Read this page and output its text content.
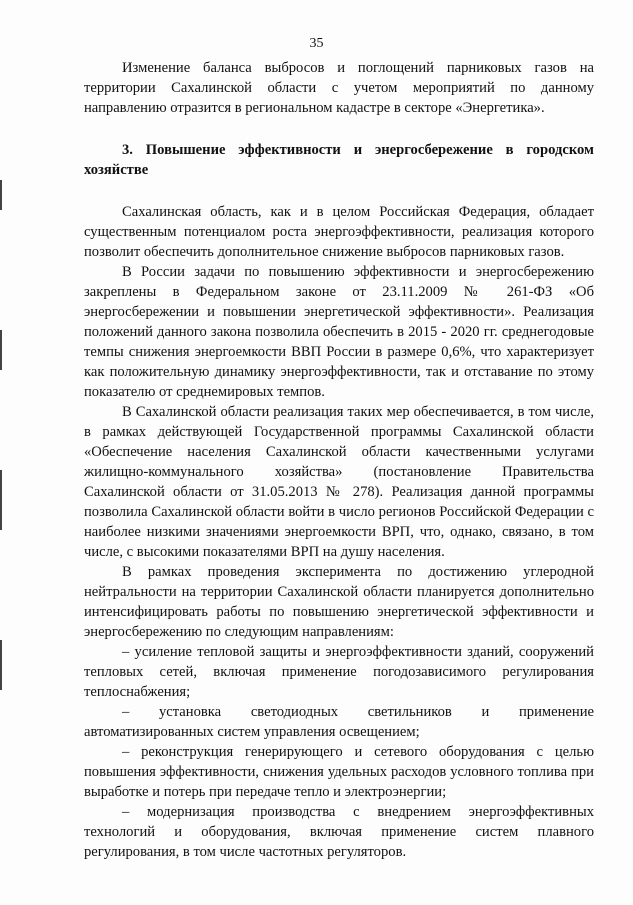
35

Изменение баланса выбросов и поглощений парниковых газов на территории Сахалинской области с учетом мероприятий по данному направлению отразится в региональном кадастре в секторе «Энергетика».

3. Повышение эффективности и энергосбережение в городском хозяйстве

Сахалинская область, как и в целом Российская Федерация, обладает существенным потенциалом роста энергоэффективности, реализация которого позволит обеспечить дополнительное снижение выбросов парниковых газов.

В России задачи по повышению эффективности и энергосбережению закреплены в Федеральном законе от 23.11.2009 № 261-ФЗ «Об энергосбережении и повышении энергетической эффективности». Реализация положений данного закона позволила обеспечить в 2015 - 2020 гг. среднегодовые темпы снижения энергоемкости ВВП России в размере 0,6%, что характеризует как положительную динамику энергоэффективности, так и отставание по этому показателю от среднемировых темпов.

В Сахалинской области реализация таких мер обеспечивается, в том числе, в рамках действующей Государственной программы Сахалинской области «Обеспечение населения Сахалинской области качественными услугами жилищно-коммунального хозяйства» (постановление Правительства Сахалинской области от 31.05.2013 № 278). Реализация данной программы позволила Сахалинской области войти в число регионов Российской Федерации с наиболее низкими значениями энергоемкости ВРП, что, однако, связано, в том числе, с высокими показателями ВРП на душу населения.

В рамках проведения эксперимента по достижению углеродной нейтральности на территории Сахалинской области планируется дополнительно интенсифицировать работы по повышению энергетической эффективности и энергосбережению по следующим направлениям:

– усиление тепловой защиты и энергоэффективности зданий, сооружений тепловых сетей, включая применение погодозависимого регулирования теплоснабжения;

– установка светодиодных светильников и применение автоматизированных систем управления освещением;

– реконструкция генерирующего и сетевого оборудования с целью повышения эффективности, снижения удельных расходов условного топлива при выработке и потерь при передаче тепло и электроэнергии;

– модернизация производства с внедрением энергоэффективных технологий и оборудования, включая применение систем плавного регулирования, в том числе частотных регуляторов.
